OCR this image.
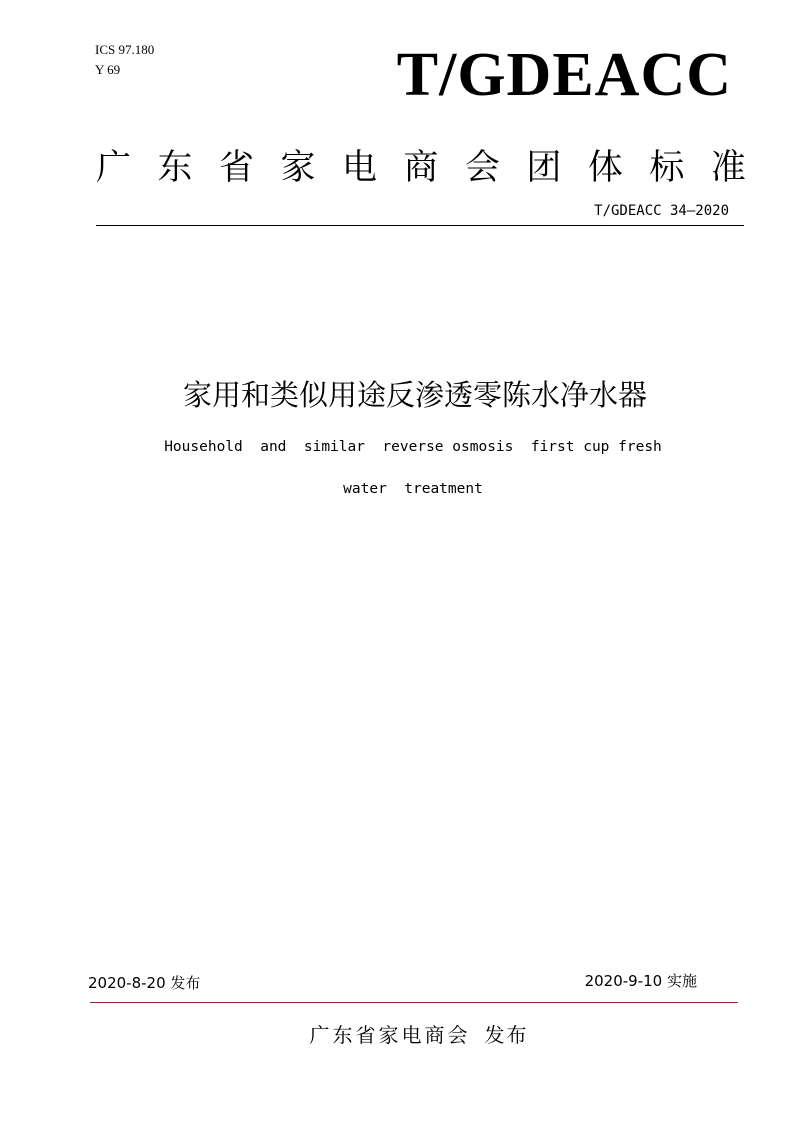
ICS 97.180
Y 69	T/GDEACC
广 东 省 家 电 商 会 团 体 标 准
T/GDEACC 34—2020
家用和类似用途反渗透零陈水净水器
Household  and  similar  reverse osmosis  first cup fresh
water  treatment
2020-8-20 发布	2020-9-10 实施
广东省家电商会 发布
